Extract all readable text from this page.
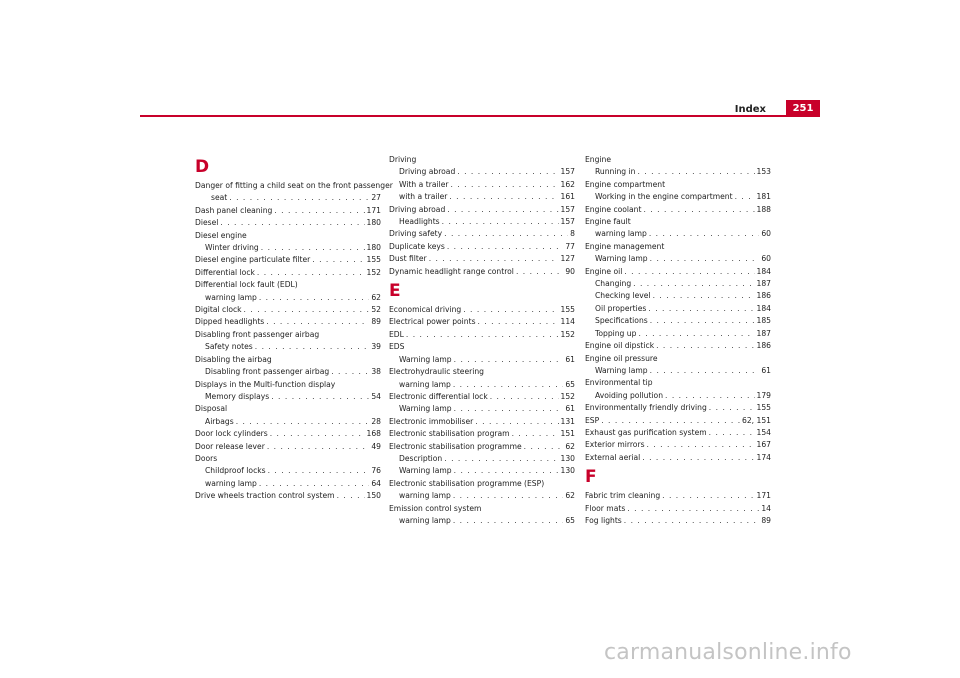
Index	251
D
Danger of fitting a child seat on the front passenger
seat . . .	27
Dash panel cleaning . . .	171
Diesel . . .	180
Diesel engine
Winter driving . . .	180
Diesel engine particulate filter . . .	155
Differential lock . . .	152
Differential lock fault (EDL)
warning lamp . . .	62
Digital clock . . .	52
Dipped headlights . . .	89
Disabling front passenger airbag
Safety notes . . .	39
Disabling the airbag
Disabling front passenger airbag . . .	38
Displays in the Multi-function display
Memory displays . . .	54
Disposal
Airbags . . .	28
Door lock cylinders . . .	168
Door release lever . . .	49
Doors
Childproof locks . . .	76
warning lamp . . .	64
Drive wheels traction control system . . .	150
Driving
Driving abroad . . .	157
With a trailer . . .	162
with a trailer . . .	161
Driving abroad . . .	157
Headlights . . .	157
Driving safety . . .	8
Duplicate keys . . .	77
Dust filter . . .	127
Dynamic headlight range control . . .	90
E
Economical driving . . .	155
Electrical power points . . .	114
EDL . . .	152
EDS
Warning lamp . . .	61
Electrohydraulic steering
warning lamp . . .	65
Electronic differential lock . . .	152
Warning lamp . . .	61
Electronic immobiliser . . .	131
Electronic stabilisation program . . .	151
Electronic stabilisation programme . . .	62
Description . . .	130
Warning lamp . . .	130
Electronic stabilisation programme (ESP)
warning lamp . . .	62
Emission control system
warning lamp . . .	65
Engine
Running in . . .	153
Engine compartment
Working in the engine compartment . . .	181
Engine coolant . . .	188
Engine fault
warning lamp . . .	60
Engine management
Warning lamp . . .	60
Engine oil . . .	184
Changing . . .	187
Checking level . . .	186
Oil properties . . .	184
Specifications . . .	185
Topping up . . .	187
Engine oil dipstick . . .	186
Engine oil pressure
Warning lamp . . .	61
Environmental tip
Avoiding pollution . . .	179
Environmentally friendly driving . . .	155
ESP . . .	62, 151
Exhaust gas purification system . . .	154
Exterior mirrors . . .	167
External aerial . . .	174
F
Fabric trim cleaning . . .	171
Floor mats . . .	14
Fog lights . . .	89
carmanualsonline.info
